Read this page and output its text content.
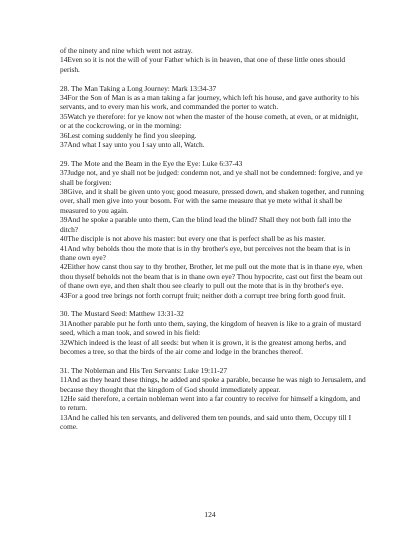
of the ninety and nine which went not astray.

14Even so it is not the will of your Father which is in heaven, that one of these little ones should perish.

28. The Man Taking a Long Journey: Mark 13:34-37

34For the Son of Man is as a man taking a far journey, which left his house, and gave authority to his servants, and to every man his work, and commanded the porter to watch.

35Watch ye therefore: for ye know not when the master of the house cometh, at even, or at midnight, or at the cockcrowing, or in the morning:

36Lest coming suddenly he find you sleeping.

37And what I say unto you I say unto all, Watch.

29. The Mote and the Beam in the Eye the Eye: Luke 6:37-43

37Judge not, and ye shall not be judged: condemn not, and ye shall not be condemned: forgive, and ye shall be forgiven:

38Give, and it shall be given unto you; good measure, pressed down, and shaken together, and running over, shall men give into your bosom. For with the same measure that ye mete withal it shall be measured to you again.

39And he spoke a parable unto them, Can the blind lead the blind? Shall they not both fall into the ditch?

40The disciple is not above his master: but every one that is perfect shall be as his master.

41And why beholds thou the mote that is in thy brother's eye, but perceives not the beam that is in thane own eye?

42Either how canst thou say to thy brother, Brother, let me pull out the mote that is in thane eye, when thou thyself beholds not the beam that is in thane own eye? Thou hypocrite, cast out first the beam out of thane own eye, and then shalt thou see clearly to pull out the mote that is in thy brother's eye.

43For a good tree brings not forth corrupt fruit; neither doth a corrupt tree bring forth good fruit.

30. The Mustard Seed: Matthew 13:31-32

31Another parable put he forth unto them, saying, the kingdom of heaven is like to a grain of mustard seed, which a man took, and sowed in his field:

32Which indeed is the least of all seeds: but when it is grown, it is the greatest among herbs, and becomes a tree, so that the birds of the air come and lodge in the branches thereof.

31. The Nobleman and His Ten Servants: Luke 19:11-27

11And as they heard these things, he added and spoke a parable, because he was nigh to Jerusalem, and because they thought that the kingdom of God should immediately appear.

12He said therefore, a certain nobleman went into a far country to receive for himself a kingdom, and to return.

13And he called his ten servants, and delivered them ten pounds, and said unto them, Occupy till I come.

124
